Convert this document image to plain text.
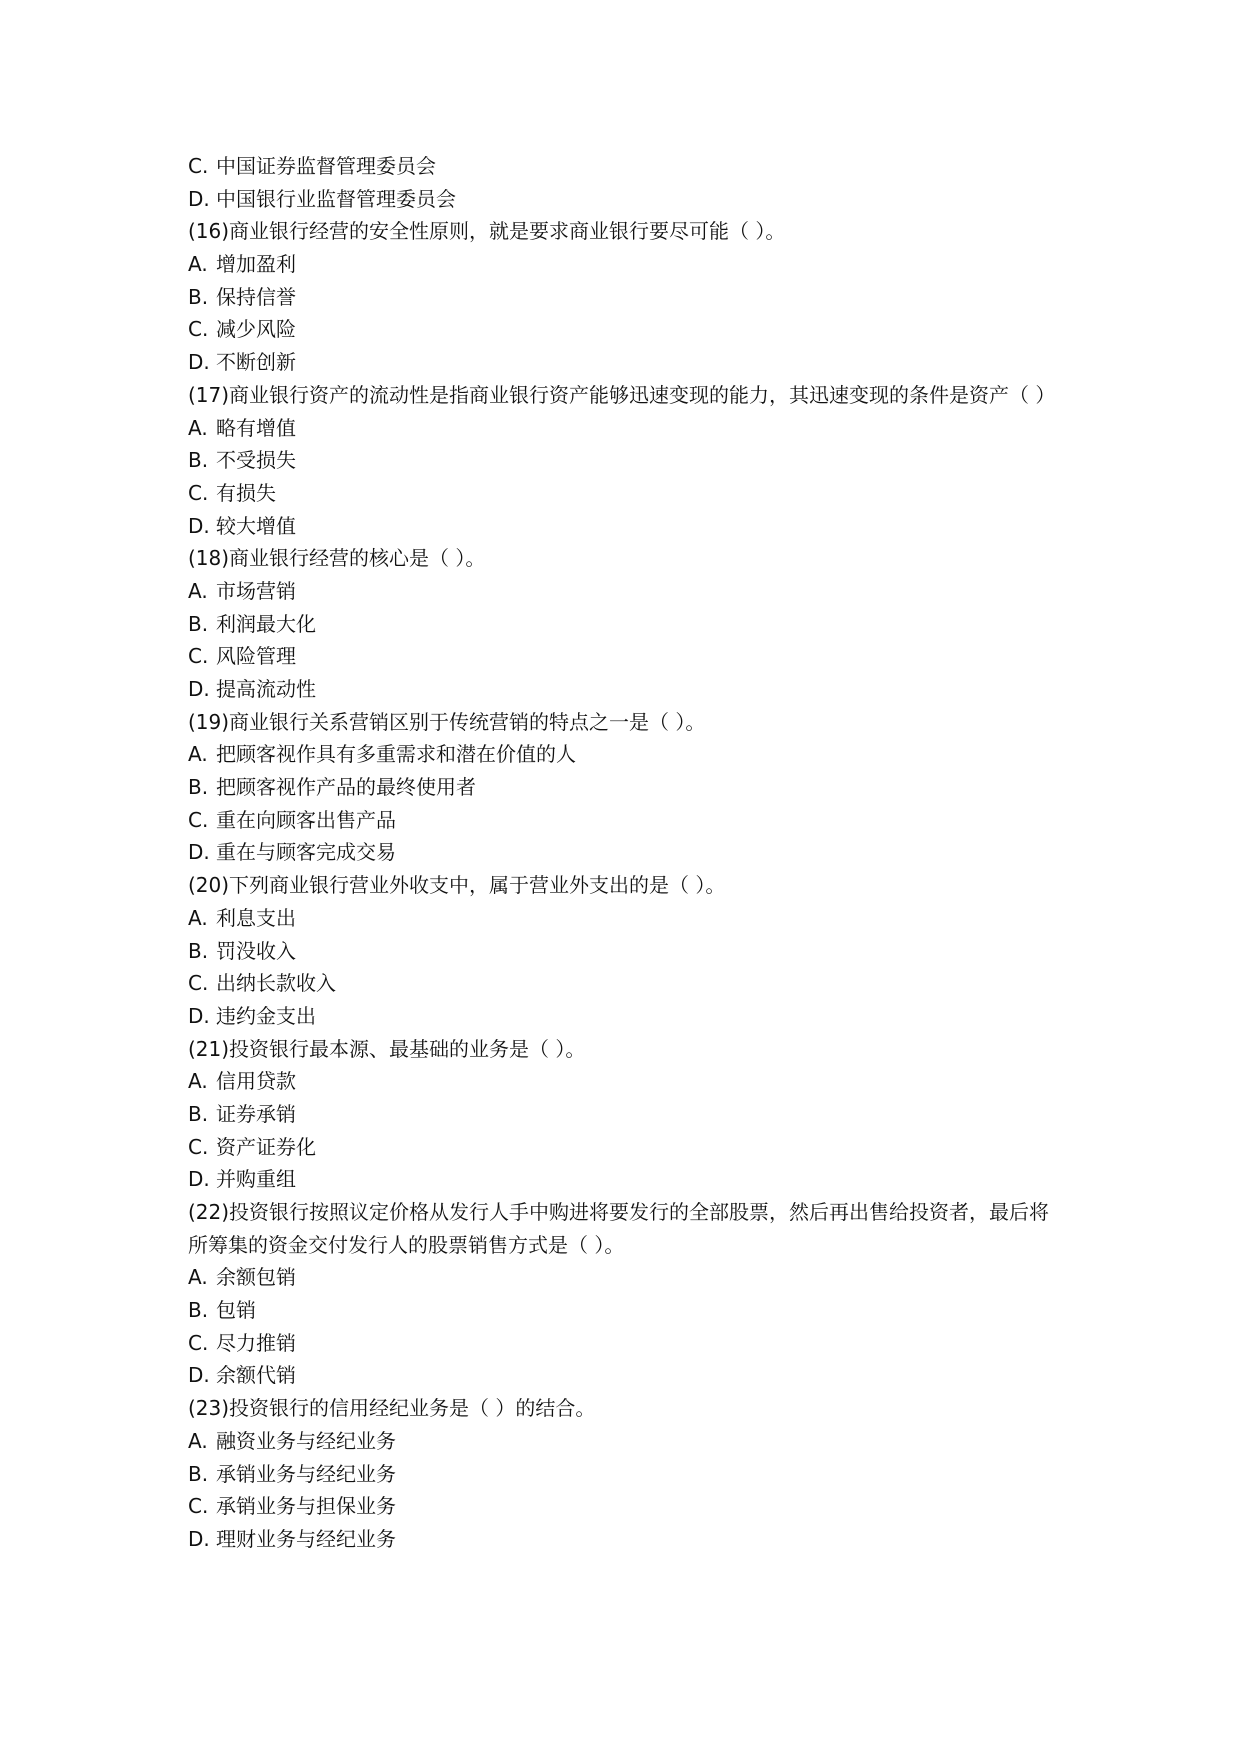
C. 中国证券监督管理委员会
D. 中国银行业监督管理委员会
(16)商业银行经营的安全性原则，就是要求商业银行要尽可能（ ）。
A. 增加盈利
B. 保持信誉
C. 减少风险
D. 不断创新
(17)商业银行资产的流动性是指商业银行资产能够迅速变现的能力，其迅速变现的条件是资产（ ）
A. 略有增值
B. 不受损失
C. 有损失
D. 较大增值
(18)商业银行经营的核心是（ ）。
A. 市场营销
B. 利润最大化
C. 风险管理
D. 提高流动性
(19)商业银行关系营销区别于传统营销的特点之一是（ ）。
A. 把顾客视作具有多重需求和潜在价值的人
B. 把顾客视作产品的最终使用者
C. 重在向顾客出售产品
D. 重在与顾客完成交易
(20)下列商业银行营业外收支中，属于营业外支出的是（ ）。
A. 利息支出
B. 罚没收入
C. 出纳长款收入
D. 违约金支出
(21)投资银行最本源、最基础的业务是（ ）。
A. 信用贷款
B. 证券承销
C. 资产证券化
D. 并购重组
(22)投资银行按照议定价格从发行人手中购进将要发行的全部股票，然后再出售给投资者，最后将所筹集的资金交付发行人的股票销售方式是（ ）。
A. 余额包销
B. 包销
C. 尽力推销
D. 余额代销
(23)投资银行的信用经纪业务是（ ）的结合。
A. 融资业务与经纪业务
B. 承销业务与经纪业务
C. 承销业务与担保业务
D. 理财业务与经纪业务
